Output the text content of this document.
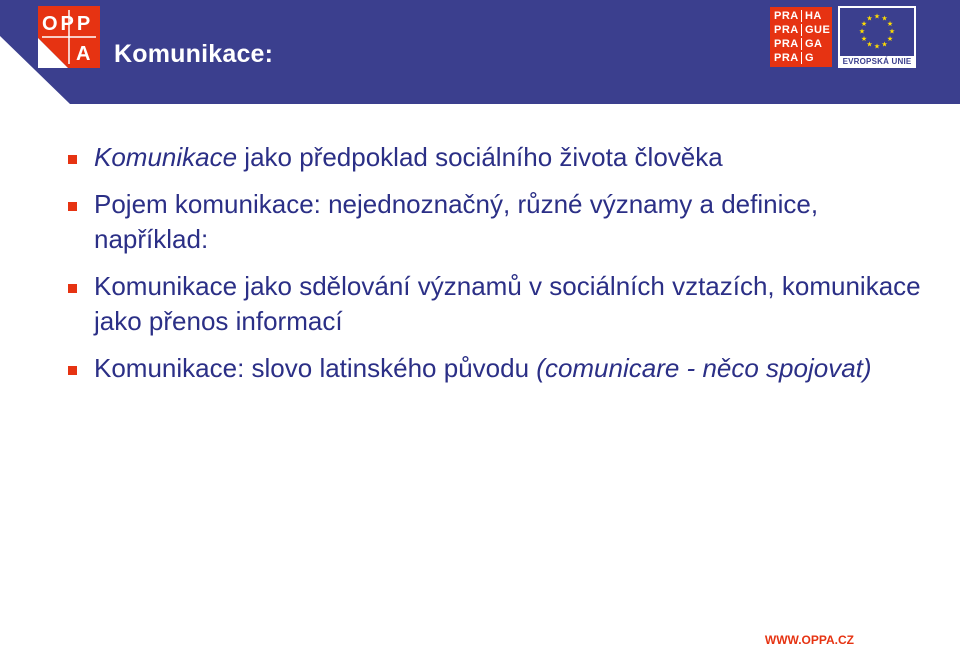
OPP
A Komunikace:
PRA HA
PRA GUE
PRA GA
PRA G
★
★
★
★
★
★
★
★
★ ★ ★
★
EVROPSKÁ UNIE
Komunikace jako předpoklad sociálního života člověka
Pojem komunikace: nejednoznačný, různé významy a definice, například:
Komunikace jako sdělování významů v sociálních vztazích, komunikace jako přenos informací
Komunikace: slovo latinského původu (comunicare - něco spojovat)
WWW.OPPA.CZ
